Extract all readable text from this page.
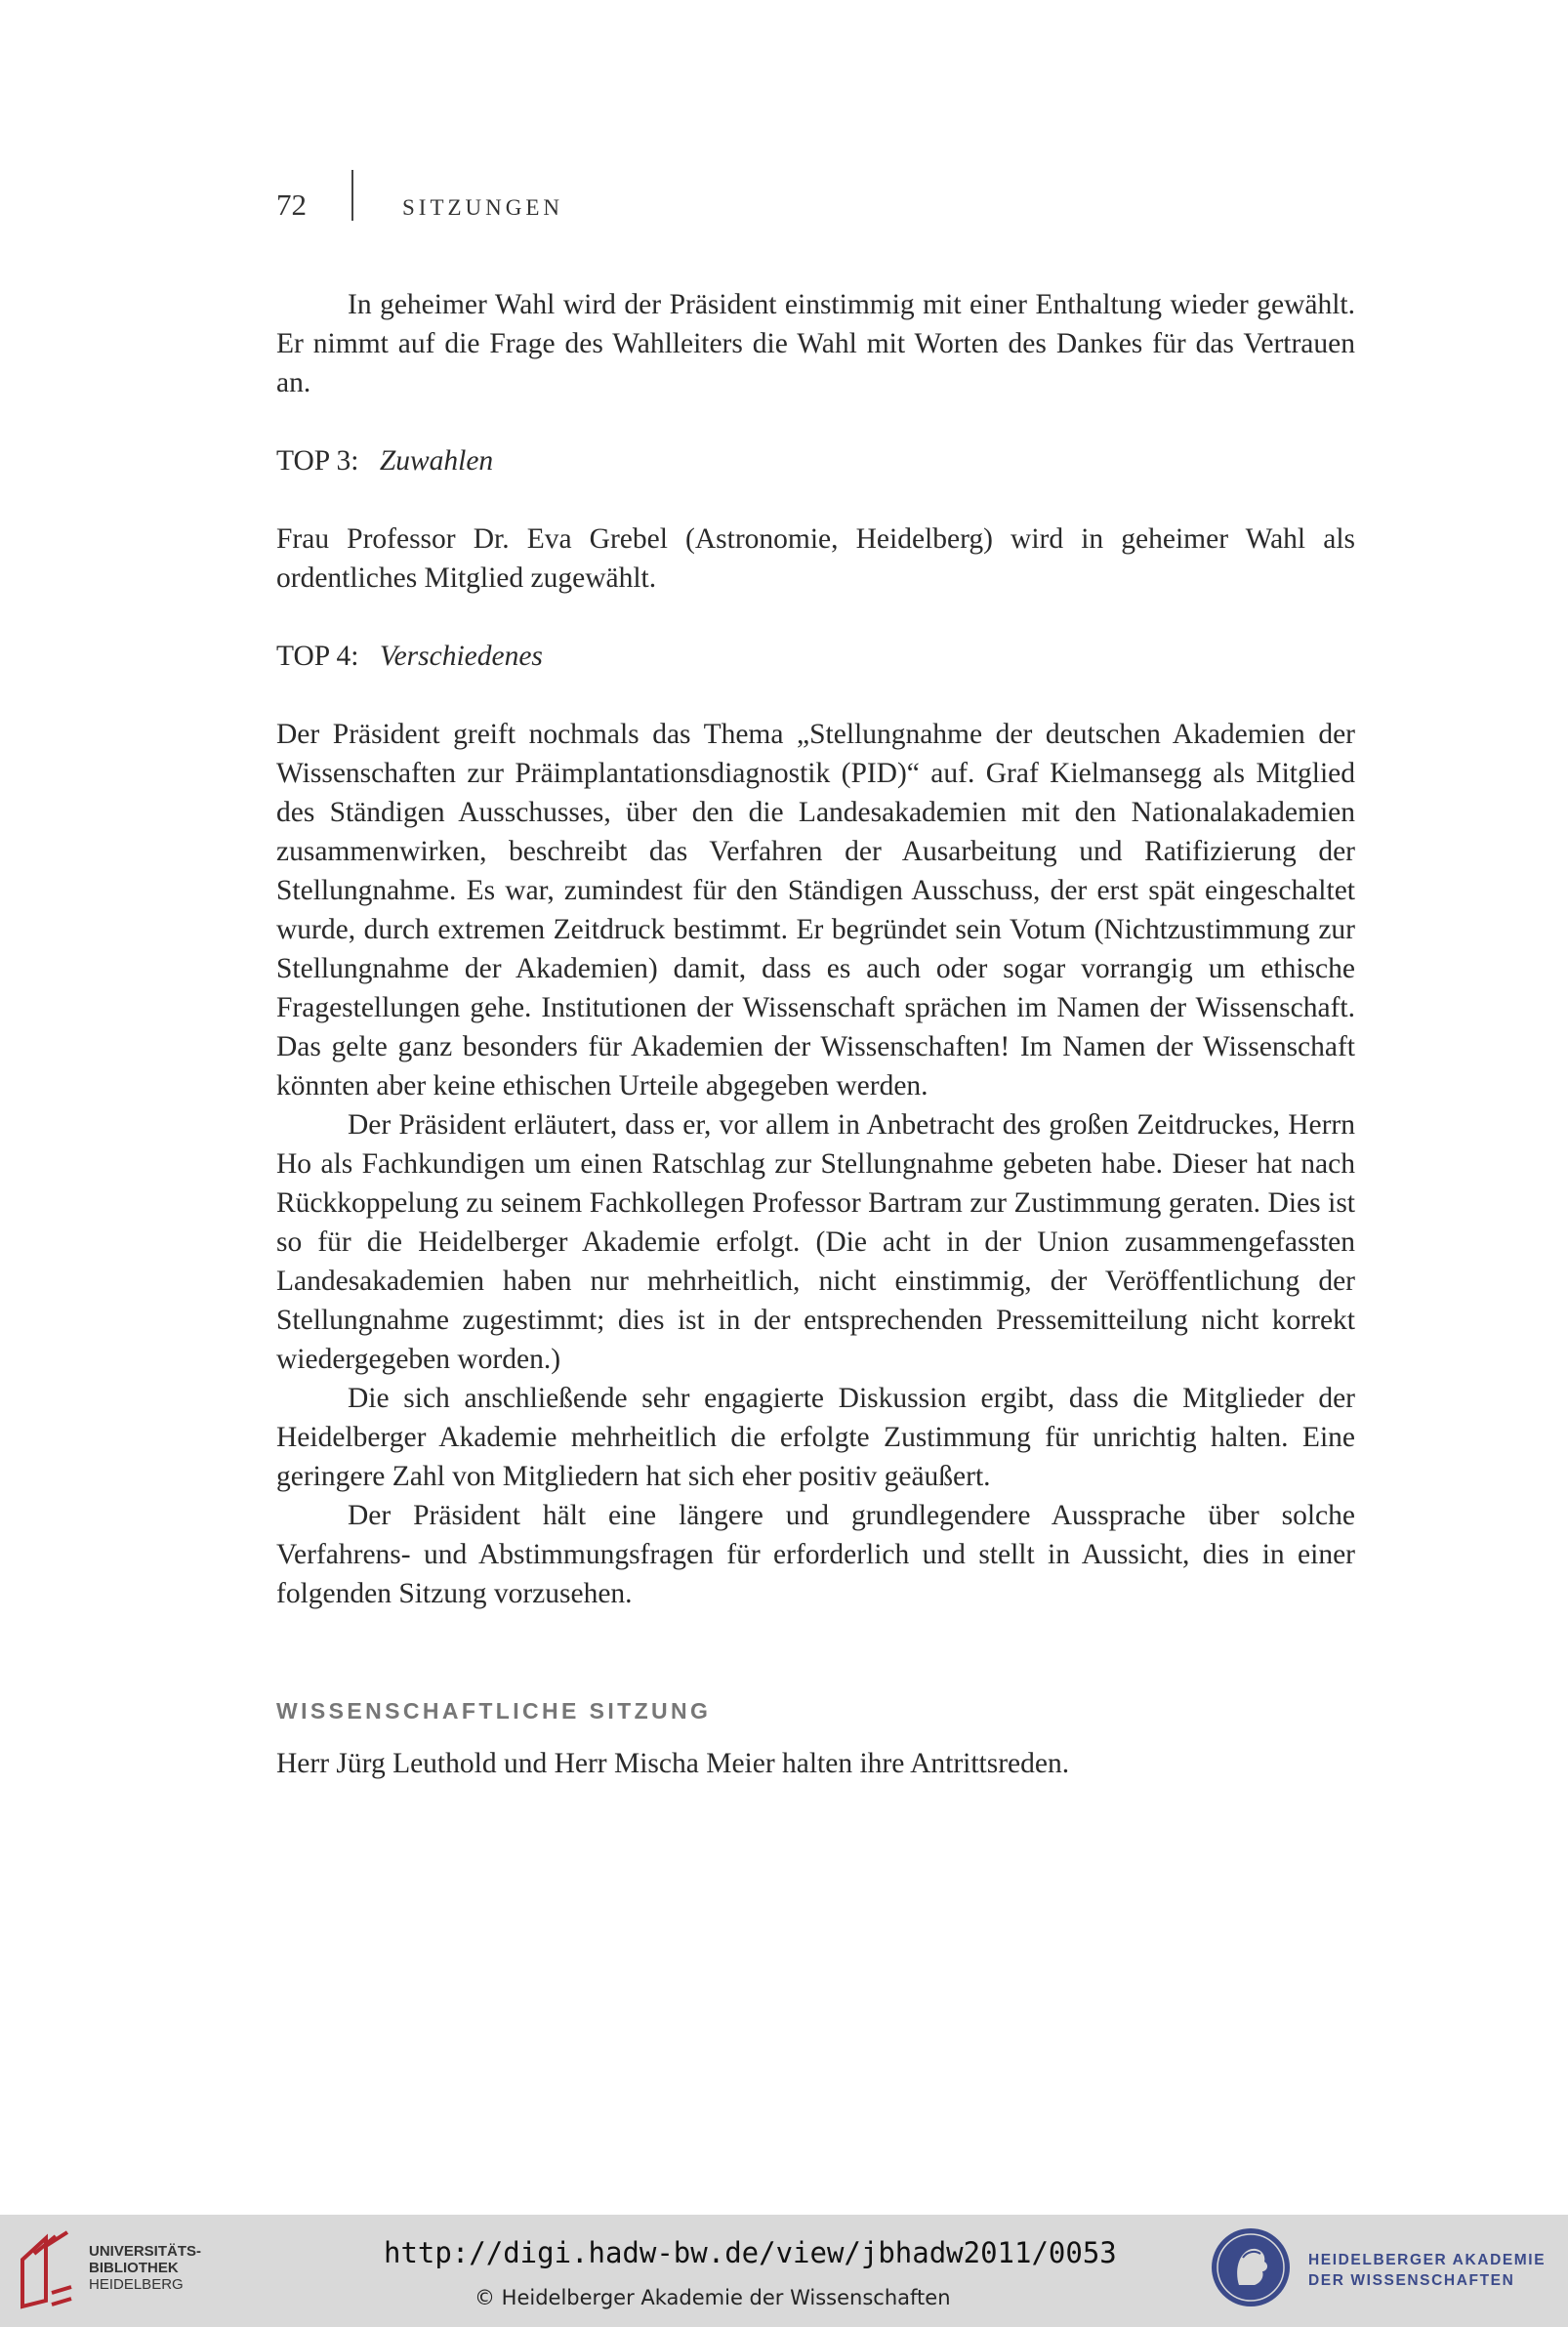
72	SITZUNGEN

In geheimer Wahl wird der Präsident einstimmig mit einer Enthaltung wieder gewählt. Er nimmt auf die Frage des Wahlleiters die Wahl mit Worten des Dankes für das Vertrauen an.

TOP 3: Zuwahlen

Frau Professor Dr. Eva Grebel (Astronomie, Heidelberg) wird in geheimer Wahl als ordentliches Mitglied zugewählt.

TOP 4: Verschiedenes

Der Präsident greift nochmals das Thema „Stellungnahme der deutschen Akademien der Wissenschaften zur Präimplantationsdiagnostik (PID)“ auf. Graf Kielmansegg als Mitglied des Ständigen Ausschusses, über den die Landesakademien mit den Nationalakademien zusammenwirken, beschreibt das Verfahren der Ausarbeitung und Ratifizierung der Stellungnahme. Es war, zumindest für den Ständigen Ausschuss, der erst spät eingeschaltet wurde, durch extremen Zeitdruck bestimmt. Er begründet sein Votum (Nichtzustimmung zur Stellungnahme der Akademien) damit, dass es auch oder sogar vorrangig um ethische Fragestellungen gehe. Institutionen der Wissenschaft sprächen im Namen der Wissenschaft. Das gelte ganz besonders für Akademien der Wissenschaften! Im Namen der Wissenschaft könnten aber keine ethischen Urteile abgegeben werden.

Der Präsident erläutert, dass er, vor allem in Anbetracht des großen Zeitdruckes, Herrn Ho als Fachkundigen um einen Ratschlag zur Stellungnahme gebeten habe. Dieser hat nach Rückkoppelung zu seinem Fachkollegen Professor Bartram zur Zustimmung geraten. Dies ist so für die Heidelberger Akademie erfolgt. (Die acht in der Union zusammengefassten Landesakademien haben nur mehrheitlich, nicht einstimmig, der Veröffentlichung der Stellungnahme zugestimmt; dies ist in der entsprechenden Pressemitteilung nicht korrekt wiedergegeben worden.)

Die sich anschließende sehr engagierte Diskussion ergibt, dass die Mitglieder der Heidelberger Akademie mehrheitlich die erfolgte Zustimmung für unrichtig halten. Eine geringere Zahl von Mitgliedern hat sich eher positiv geäußert.

Der Präsident hält eine längere und grundlegendere Aussprache über solche Verfahrens- und Abstimmungsfragen für erforderlich und stellt in Aussicht, dies in einer folgenden Sitzung vorzusehen.

WISSENSCHAFTLICHE SITZUNG

Herr Jürg Leuthold und Herr Mischa Meier halten ihre Antrittsreden.

UNIVERSITÄTS-
BIBLIOTHEK
HEIDELBERG
http://digi.hadw-bw.de/view/jbhadw2011/0053
© Heidelberger Akademie der Wissenschaften
HEIDELBERGER AKADEMIE
DER WISSENSCHAFTEN
